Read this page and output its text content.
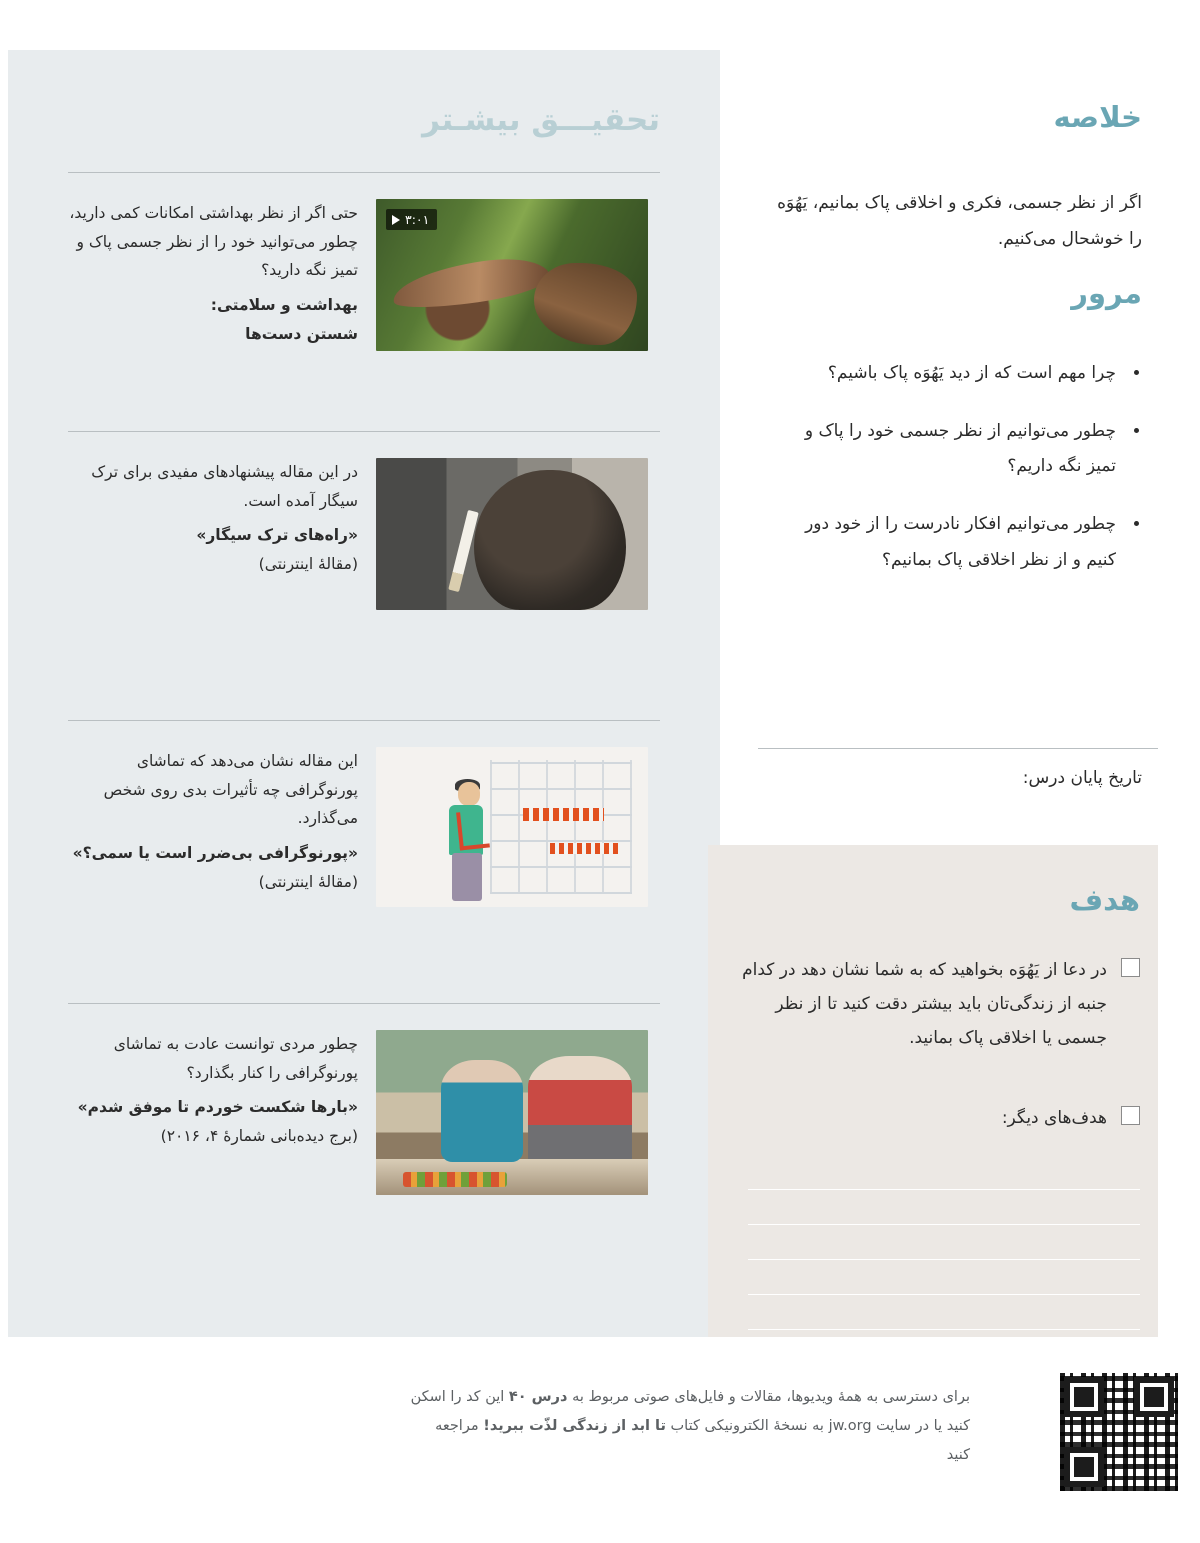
تحقیـــق بیشـتر
حتی اگر از نظر بهداشتی امکانات کمی دارید، چطور می‌توانید خود را از نظر جسمی پاک و تمیز نگه دارید؟
بهداشت و سلامتی:
شستن دست‌ها
۳:۰۱
در این مقاله پیشنهادهای مفیدی برای ترک سیگار آمده است.
«راه‌های ترک سیگار»
(مقالهٔ اینترنتی)
این مقاله نشان می‌دهد که تماشای پورنوگرافی چه تأثیرات بدی روی شخص می‌گذارد.
«پورنوگرافی بی‌ضرر است یا سمی؟»
(مقالهٔ اینترنتی)
چطور مردی توانست عادت به تماشای پورنوگرافی را کنار بگذارد؟
«بارها شکست خوردم تا موفق شدم»
(برج دیده‌بانی شمارهٔ ۴، ۲۰۱۶)
خلاصه
اگر از نظر جسمی، فکری و اخلاقی پاک بمانیم، یَهُوَه را خوشحال می‌کنیم.
مرور
• چرا مهم است که از دید یَهُوَه پاک باشیم؟
• چطور می‌توانیم از نظر جسمی خود را پاک و تمیز نگه داریم؟
• چطور می‌توانیم افکار نادرست را از خود دور کنیم و از نظر اخلاقی پاک بمانیم؟
تاریخ پایان درس:
هدف
در دعا از یَهُوَه بخواهید که به شما نشان دهد در کدام جنبه از زندگی‌تان باید بیشتر دقت کنید تا از نظر جسمی یا اخلاقی پاک بمانید.
هدف‌های دیگر:
برای دسترسی به همهٔ ویدیوها، مقالات و فایل‌های صوتی مربوط به درس ۴۰ این کد را اسکن کنید یا در سایت jw.org به نسخهٔ الکترونیکی کتاب تا ابد از زندگی لذّت ببرید! مراجعه کنید
